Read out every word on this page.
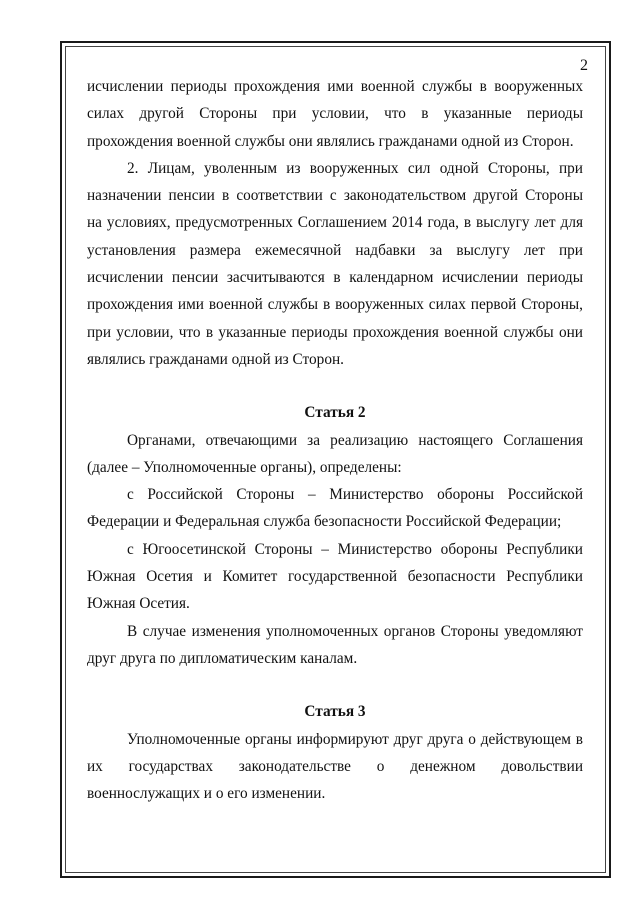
2
исчислении периоды прохождения ими военной службы в вооруженных
силах другой Стороны при условии, что в указанные периоды
прохождения военной службы они являлись гражданами одной из Сторон.
2. Лицам, уволенным из вооруженных сил одной Стороны, при
назначении пенсии в соответствии с законодательством другой Стороны
на условиях, предусмотренных Соглашением 2014 года, в выслугу лет для
установления размера ежемесячной надбавки за выслугу лет при
исчислении пенсии засчитываются в календарном исчислении периоды
прохождения ими военной службы в вооруженных силах первой Стороны,
при условии, что в указанные периоды прохождения военной службы они
являлись гражданами одной из Сторон.
Статья 2
Органами, отвечающими за реализацию настоящего Соглашения
(далее – Уполномоченные органы), определены:
с Российской Стороны – Министерство обороны Российской
Федерации и Федеральная служба безопасности Российской Федерации;
с Югоосетинской Стороны – Министерство обороны Республики
Южная Осетия и Комитет государственной безопасности Республики
Южная Осетия.
В случае изменения уполномоченных органов Стороны уведомляют
друг друга по дипломатическим каналам.
Статья 3
Уполномоченные органы информируют друг друга о действующем в
их государствах законодательстве о денежном довольствии
военнослужащих и о его изменении.
